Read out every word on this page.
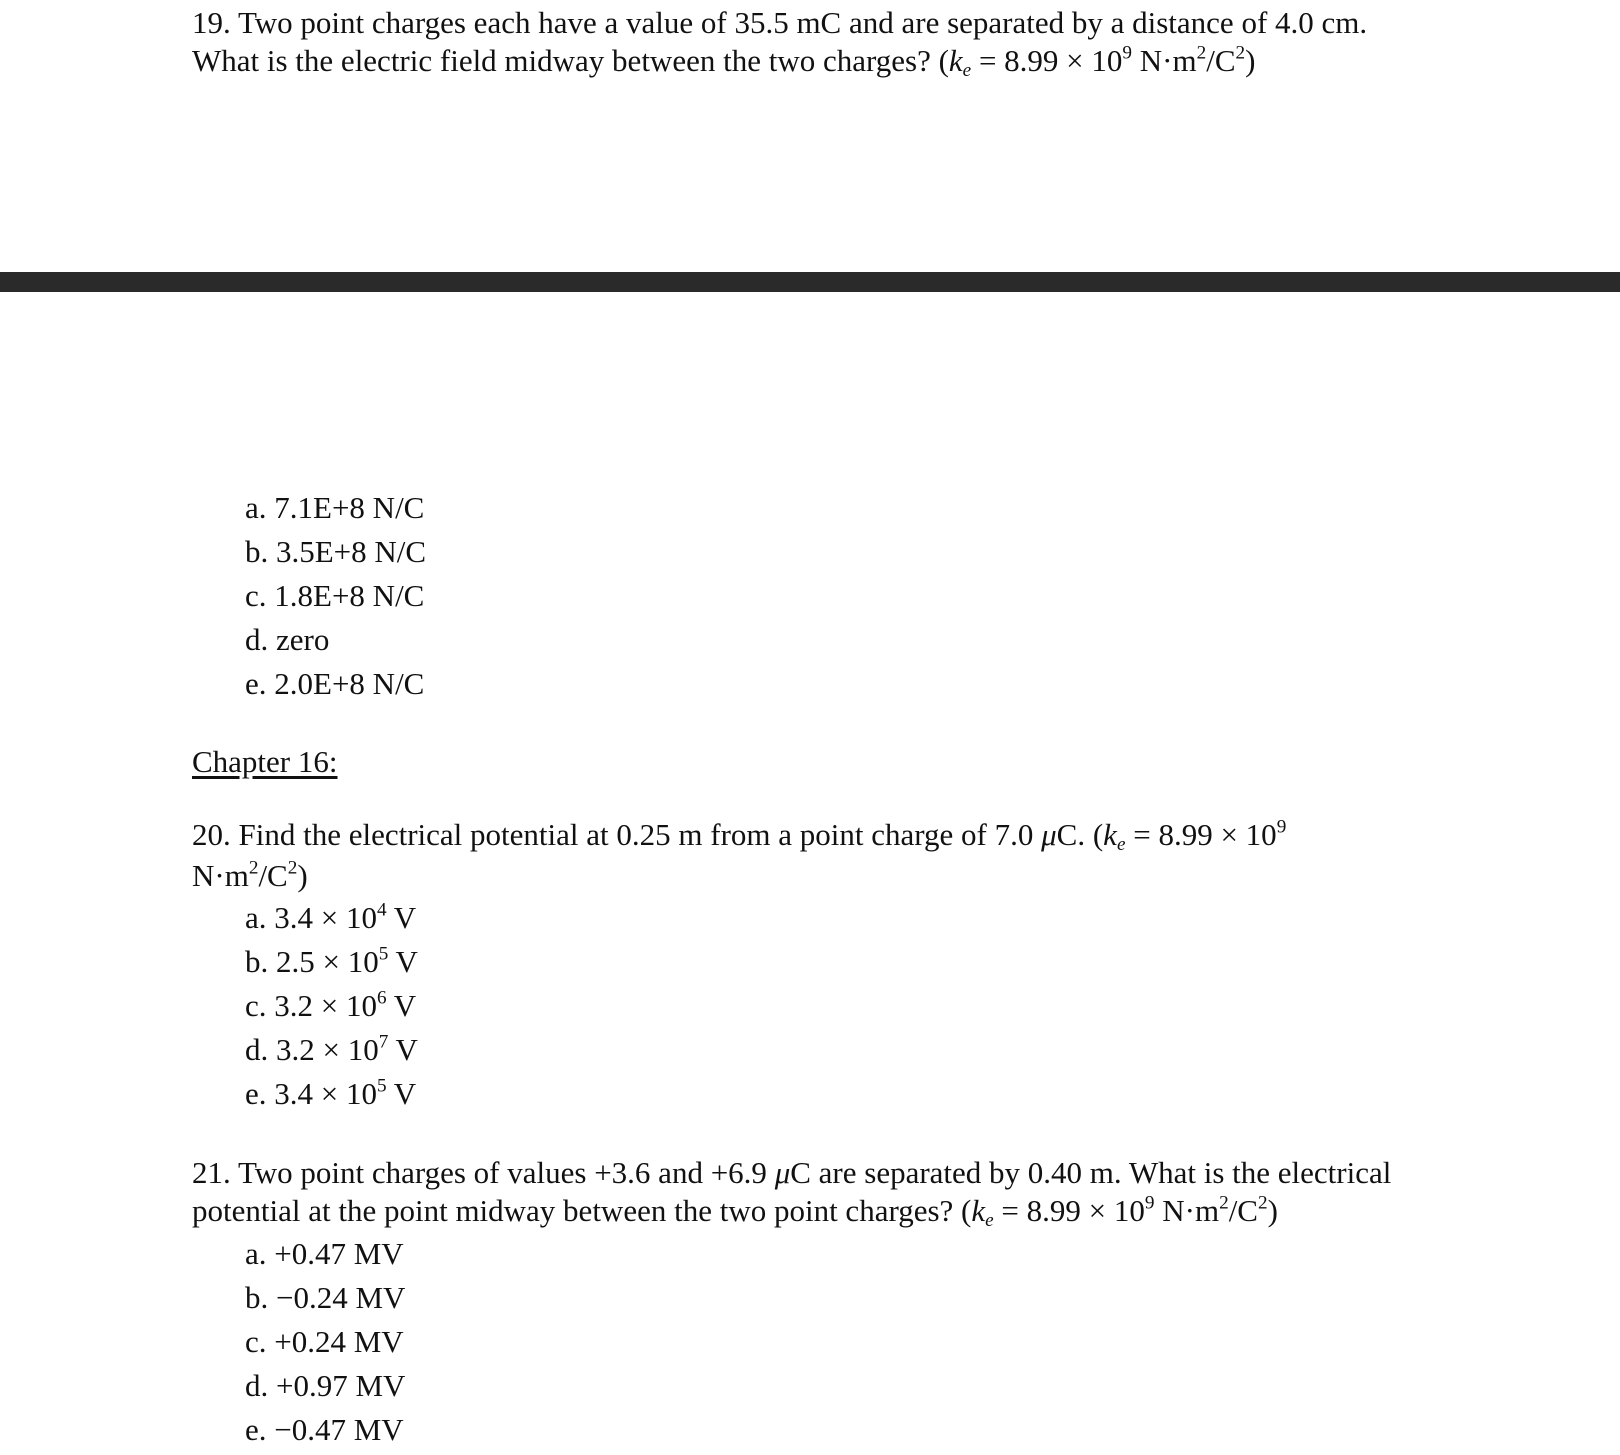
19. Two point charges each have a value of 35.5 mC and are separated by a distance of 4.0 cm.
What is the electric field midway between the two charges? ($k_e = 8.99 \times 10^9$ $N\cdot m^2/C^2$)
a. 7.1E+8 N/C
b. 3.5E+8 N/C
c. 1.8E+8 N/C
d. zero
e. 2.0E+8 N/C
Chapter 16:
20. Find the electrical potential at 0.25 m from a point charge of 7.0 μC. ($k_e = 8.99 \times 10^9$
$N\cdot m^2/C^2$)
a. $3.4 \times 10^4$ V
b. $2.5 \times 10^5$ V
c. $3.2 \times 10^6$ V
d. $3.2 \times 10^7$ V
e. $3.4 \times 10^5$ V
21. Two point charges of values +3.6 and +6.9 μC are separated by 0.40 m. What is the electrical
potential at the point midway between the two point charges? ($k_e = 8.99 \times 10^9$ $N\cdot m^2/C^2$)
a. +0.47 MV
b. −0.24 MV
c. +0.24 MV
d. +0.97 MV
e. −0.47 MV
